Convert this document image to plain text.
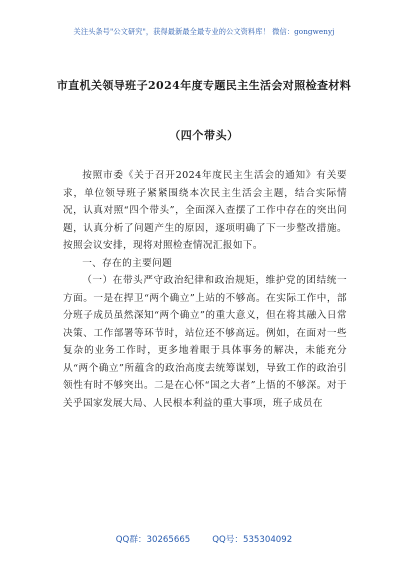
关注头条号"公文研究"，获得最新最全最专业的公文资料库！ 微信：gongwenyj
市直机关领导班子2024年度专题民主生活会对照检查材料
（四个带头）

按照市委《关于召开2024年度民主生活会的通知》有关要求，单位领导班子紧紧围绕本次民主生活会主题，结合实际情况，认真对照“四个带头”，全面深入查摆了工作中存在的突出问题，认真分析了问题产生的原因，逐项明确了下一步整改措施。按照会议安排，现将对照检查情况汇报如下。

一、存在的主要问题

（一）在带头严守政治纪律和政治规矩，维护党的团结统一方面。一是在捍卫“两个确立”上站的不够高。在实际工作中，部分班子成员虽然深知“两个确立”的重大意义，但在将其融入日常决策、工作部署等环节时，站位还不够高远。例如，在面对一些复杂的业务工作时，更多地着眼于具体事务的解决，未能充分从“两个确立”所蕴含的政治高度去统筹谋划，导致工作的政治引领性有时不够突出。二是在心怀“国之大者”上悟的不够深。对于关乎国家发展大局、人民根本利益的重大事项，班子成员在

QQ群：30265665	QQ号：535304092
